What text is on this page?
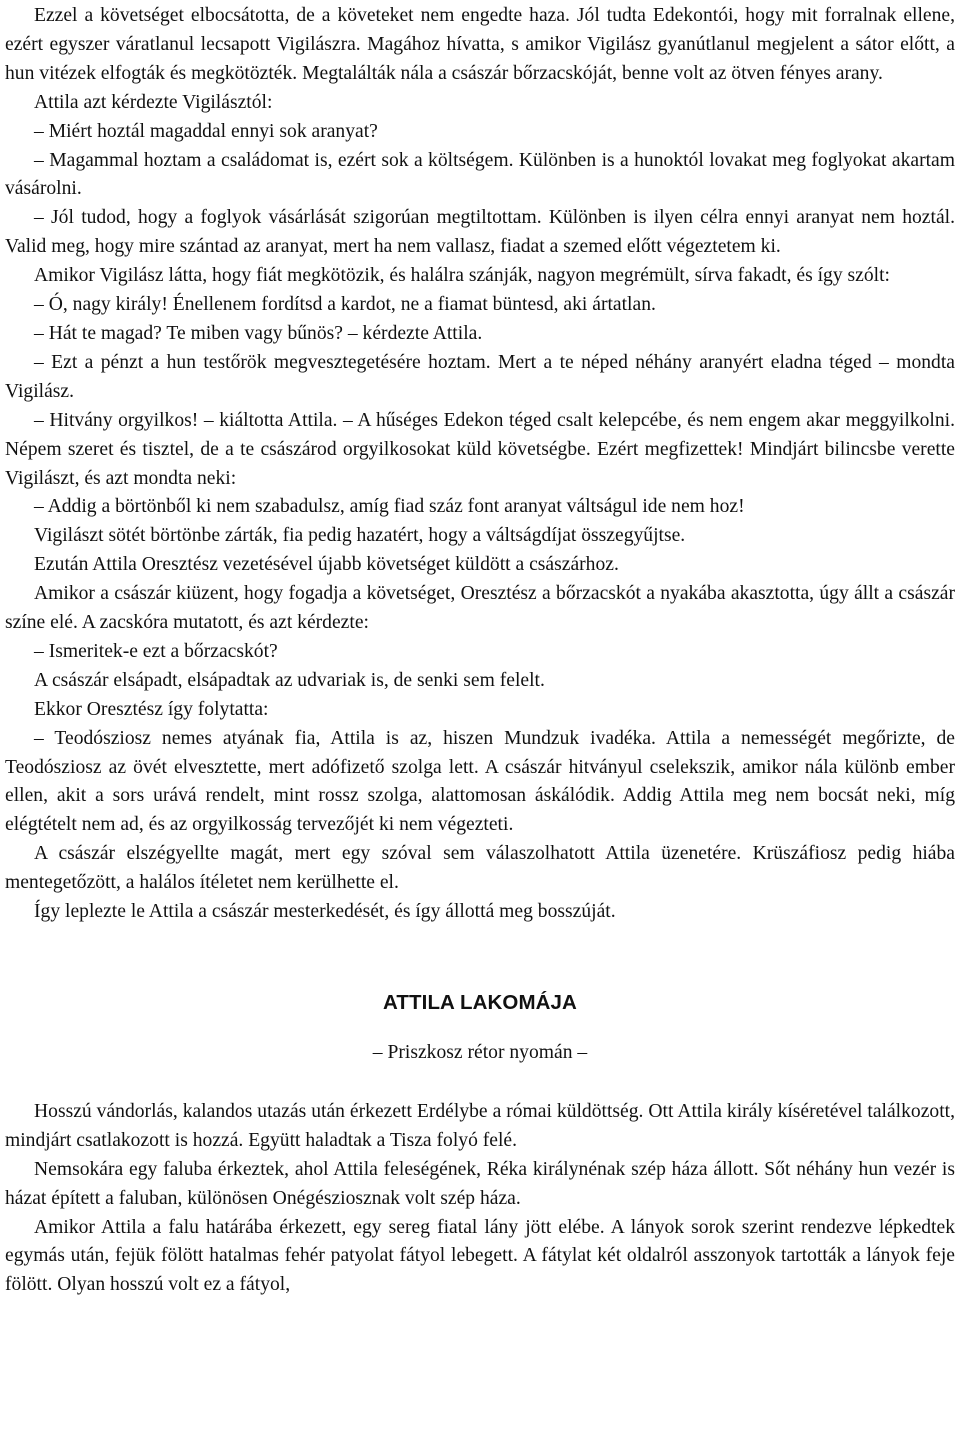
Ezzel a követséget elbocsátotta, de a követeket nem engedte haza. Jól tudta Edekontói, hogy mit forralnak ellene, ezért egyszer váratlanul lecsapott Vigilászra. Magához hívatta, s amikor Vigilász gyanútlanul megjelent a sátor előtt, a hun vitézek elfogták és megkötözték. Megtalálták nála a császár bőrzacskóját, benne volt az ötven fényes arany.

Attila azt kérdezte Vigilásztól:

– Miért hoztál magaddal ennyi sok aranyat?

– Magammal hoztam a családomat is, ezért sok a költségem. Különben is a hunoktól lovakat meg foglyokat akartam vásárolni.

– Jól tudod, hogy a foglyok vásárlását szigorúan megtiltottam. Különben is ilyen célra ennyi aranyat nem hoztál. Valid meg, hogy mire szántad az aranyat, mert ha nem vallasz, fiadat a szemed előtt végeztetem ki.

Amikor Vigilász látta, hogy fiát megkötözik, és halálra szánják, nagyon megrémült, sírva fakadt, és így szólt:

– Ó, nagy király! Énellenem fordítsd a kardot, ne a fiamat büntesd, aki ártatlan.

– Hát te magad? Te miben vagy bűnös? – kérdezte Attila.

– Ezt a pénzt a hun testőrök megvesztegetésére hoztam. Mert a te néped néhány aranyért eladna téged – mondta Vigilász.

– Hitvány orgyilkos! – kiáltotta Attila. – A hűséges Edekon téged csalt kelepcébe, és nem engem akar meggyilkolni. Népem szeret és tisztel, de a te császárod orgyilkosokat küld követségbe. Ezért megfizettek! Mindjárt bilincsbe verette Vigilászt, és azt mondta neki:

– Addig a börtönből ki nem szabadulsz, amíg fiad száz font aranyat váltságul ide nem hoz!

Vigilászt sötét börtönbe zárták, fia pedig hazatért, hogy a váltságdíjat összegyűjtse.

Ezután Attila Oresztész vezetésével újabb követséget küldött a császárhoz.

Amikor a császár kiüzent, hogy fogadja a követséget, Oresztész a bőrzacskót a nyakába akasztotta, úgy állt a császár színe elé. A zacskóra mutatott, és azt kérdezte:

– Ismeritek-e ezt a bőrzacskót?

A császár elsápadt, elsápadtak az udvariak is, de senki sem felelt.

Ekkor Oresztész így folytatta:

– Teodósziosz nemes atyának fia, Attila is az, hiszen Mundzuk ivadéka. Attila a nemességét megőrizte, de Teodósziosz az övét elvesztette, mert adófizető szolga lett. A császár hitványul cselekszik, amikor nála különb ember ellen, akit a sors urává rendelt, mint rossz szolga, alattomosan áskálódik. Addig Attila meg nem bocsát neki, míg elégtételt nem ad, és az orgyilkosság tervezőjét ki nem végezteti.

A császár elszégyellte magát, mert egy szóval sem válaszolhatott Attila üzenetére. Krüszáfiosz pedig hiába mentegetőzött, a halálos ítéletet nem kerülhette el.

Így leplezte le Attila a császár mesterkedését, és így állottá meg bosszúját.

ATTILA LAKOMÁJA

– Priszkosz rétor nyomán –

Hosszú vándorlás, kalandos utazás után érkezett Erdélybe a római küldöttség. Ott Attila király kíséretével találkozott, mindjárt csatlakozott is hozzá. Együtt haladtak a Tisza folyó felé.

Nemsokára egy faluba érkeztek, ahol Attila feleségének, Réka királynénak szép háza állott. Sőt néhány hun vezér is házat épített a faluban, különösen Onégésziosznak volt szép háza.

Amikor Attila a falu határába érkezett, egy sereg fiatal lány jött elébe. A lányok sorok szerint rendezve lépkedtek egymás után, fejük fölött hatalmas fehér patyolat fátyol lebegett. A fátylat két oldalról asszonyok tartották a lányok feje fölött. Olyan hosszú volt ez a fátyol,
